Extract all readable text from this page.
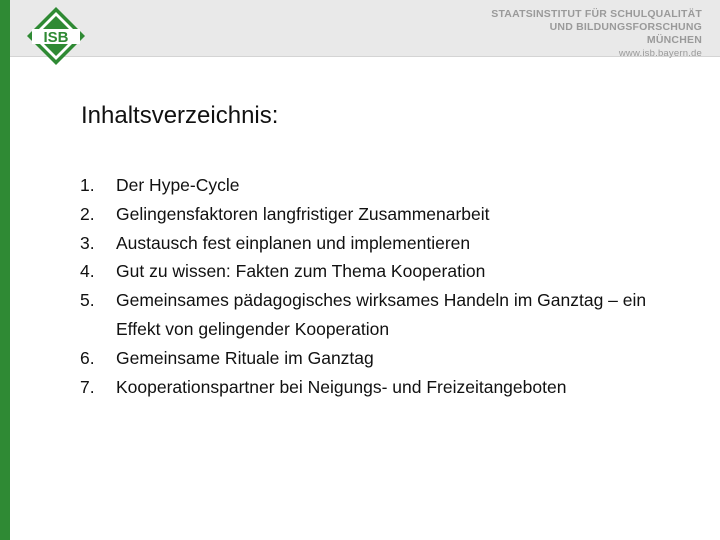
ISB
STAATSINSTITUT FÜR SCHULQUALITÄT
UND BILDUNGSFORSCHUNG
MÜNCHEN
www.isb.bayern.de
Inhaltsverzeichnis:
1. Der Hype-Cycle
2. Gelingensfaktoren langfristiger Zusammenarbeit
3. Austausch fest einplanen und implementieren
4. Gut zu wissen: Fakten zum Thema Kooperation
5. Gemeinsames pädagogisches wirksames Handeln im Ganztag – ein Effekt von gelingender Kooperation
6. Gemeinsame Rituale im Ganztag
7. Kooperationspartner bei Neigungs- und Freizeitangeboten
